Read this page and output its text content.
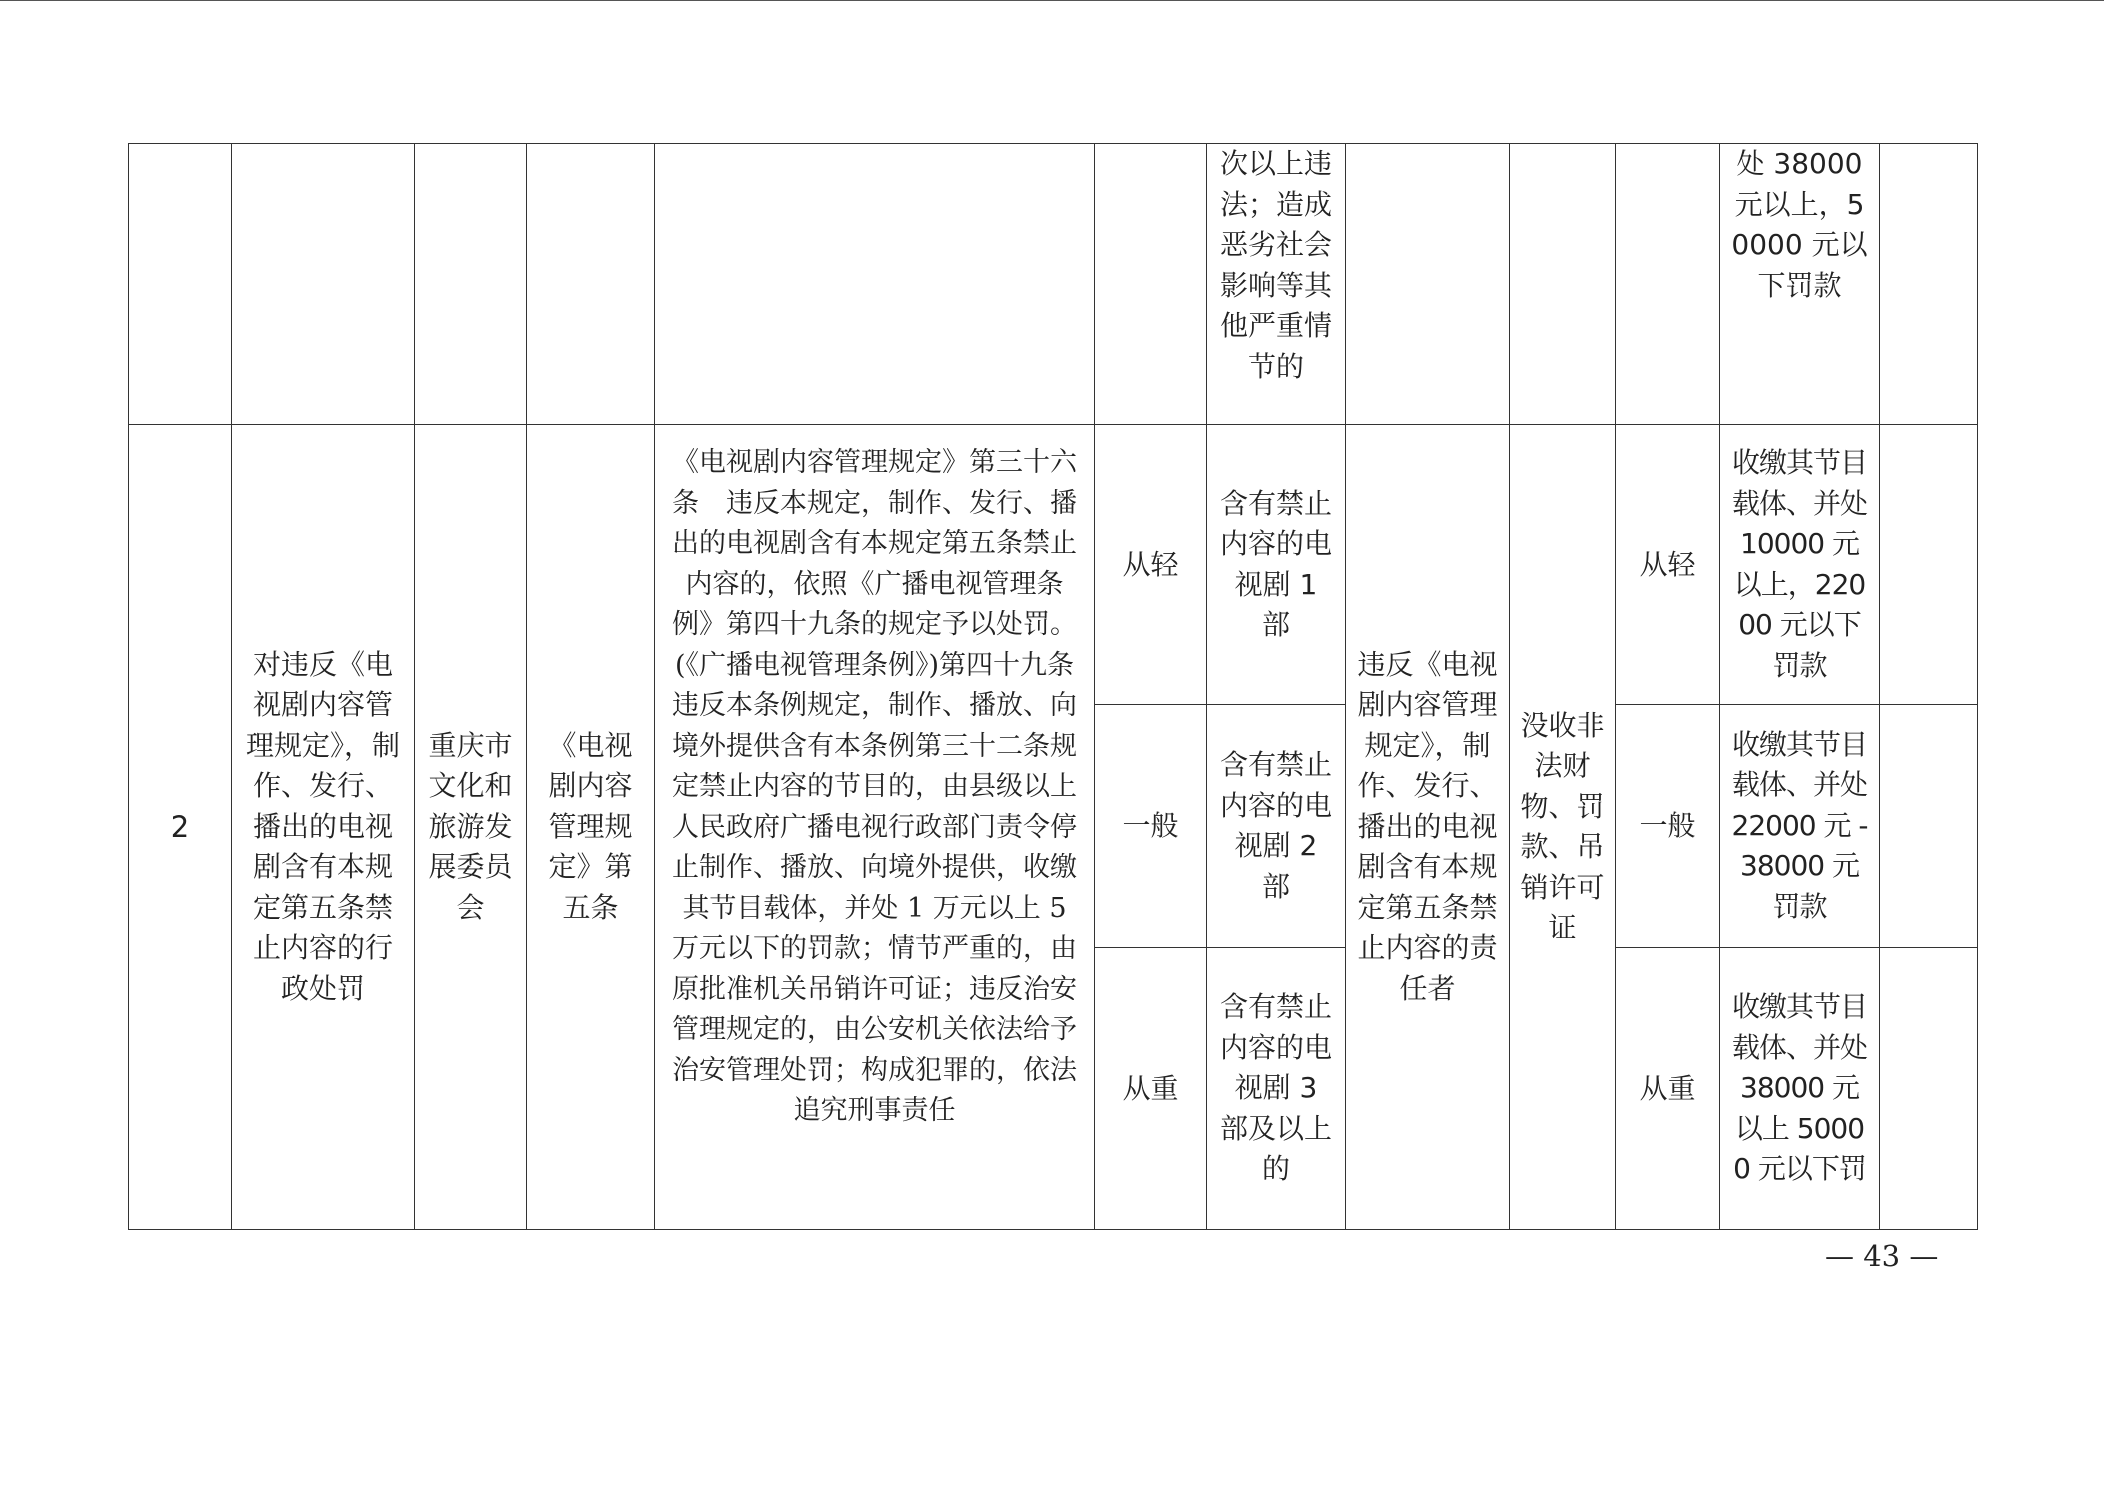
						次以上违法；造成恶劣社会影响等其他严重情节的				处 38000 元以上，50000 元以下罚款	
2	对违反《电视剧内容管理规定》，制作、发行、播出的电视剧含有本规定第五条禁止内容的行政处罚	重庆市文化和旅游发展委员会	《电视剧内容管理规定》第五条	《电视剧内容管理规定》第三十六条　违反本规定，制作、发行、播出的电视剧含有本规定第五条禁止内容的，依照《广播电视管理条例》第四十九条的规定予以处罚。(《广播电视管理条例》)第四十九条　违反本条例规定，制作、播放、向境外提供含有本条例第三十二条规定禁止内容的节目的，由县级以上人民政府广播电视行政部门责令停止制作、播放、向境外提供，收缴其节目载体，并处 1 万元以上 5 万元以下的罚款；情节严重的，由原批准机关吊销许可证；违反治安管理规定的，由公安机关依法给予治安管理处罚；构成犯罪的，依法追究刑事责任	从轻	含有禁止内容的电视剧 1 部	违反《电视剧内容管理规定》，制作、发行、播出的电视剧含有本规定第五条禁止内容的责任者	没收非法财物、罚款、吊销许可证	从轻	收缴其节目载体、并处 10000 元以上，22000 元以下罚款	
					一般	含有禁止内容的电视剧 2 部			一般	收缴其节目载体、并处 22000 元 - 38000 元罚款	
					从重	含有禁止内容的电视剧 3 部及以上的			从重	收缴其节目载体、并处 38000 元以上 50000 元以下罚	
— 43 —
